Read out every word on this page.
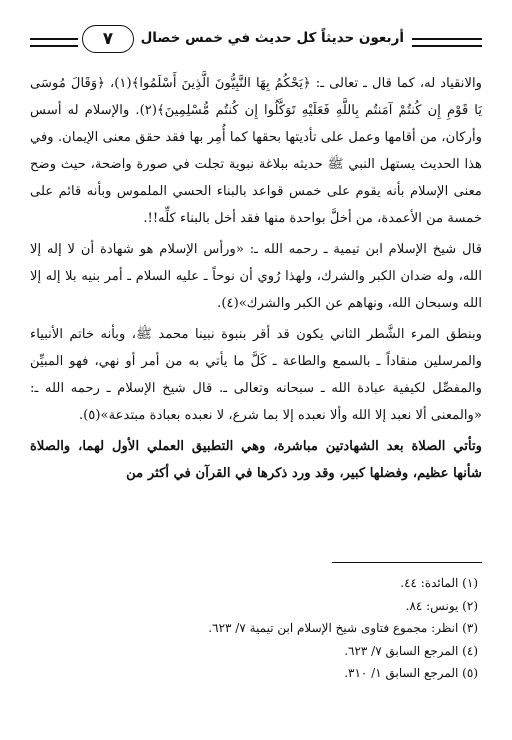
أربعون حديثاً كل حديث في خمس خصال
٧

والانقياد له، كما قال ـ تعالى ـ: ﴿يَحْكُمُ بِهَا النَّبِيُّونَ الَّذِينَ أَسْلَمُوا﴾(١)، ﴿وَقَالَ مُوسَى يَا قَوْمِ إِن كُنتُمْ آمَنتُم بِاللَّهِ فَعَلَيْهِ تَوَكَّلُوا إِن كُنتُم مُّسْلِمِينَ﴾(٢). والإسلام له أسس وأركان، من أقامها وعمل على تأديتها بحقها كما أُمِر بها فقد حقق معنى الإيمان. وفي هذا الحديث يستهل النبي ﷺ حديثه ببلاغة نبوية تجلت في صورة واضحة، حيث وضح معنى الإسلام بأنه يقوم على خمس قواعد بالبناء الحسي الملموس وبأنه قائم على خمسة من الأعمدة، من أخلَّ بواحدة منها فقد أخل بالبناء كلِّه!!.

قال شيخ الإسلام ابن تيمية ـ رحمه الله ـ: «ورأس الإسلام هو شهادة أن لا إله إلا الله، وله ضدان الكبر والشرك، ولهذا رُوي أن نوحاً ـ عليه السلام ـ أمر بنيه بلا إله إلا الله وسبحان الله، ونهاهم عن الكبر والشرك»(٤).

وبنطق المرء الشَّطر الثاني يكون قد أقر بنبوة نبينا محمد ﷺ، وبأنه خاتم الأنبياء والمرسلين منقاداً ـ بالسمع والطاعة ـ كَلَّ ما يأتي به من أمر أو نهي، فهو المبيِّن والمفصِّل لكيفية عبادة الله ـ سبحانه وتعالى ـ. قال شيخ الإسلام ـ رحمه الله ـ: «والمعنى ألا نعبد إلا الله وألا نعبده إلا بما شرع، لا نعبده بعبادة مبتدعة»(٥).

وتأتي الصلاة بعد الشهادتين مباشرة، وهي التطبيق العملي الأول لهما، والصلاة شأنها عظيم، وفضلها كبير، وقد ورد ذكرها في القرآن في أكثر من

(١) المائدة: ٤٤.
(٢) يونس: ٨٤.
(٣) انظر: مجموع فتاوى شيخ الإسلام ابن تيمية ٧/ ٦٢٣.
(٤) المرجع السابق ٧/ ٦٢٣.
(٥) المرجع السابق ١/ ٣١٠.
